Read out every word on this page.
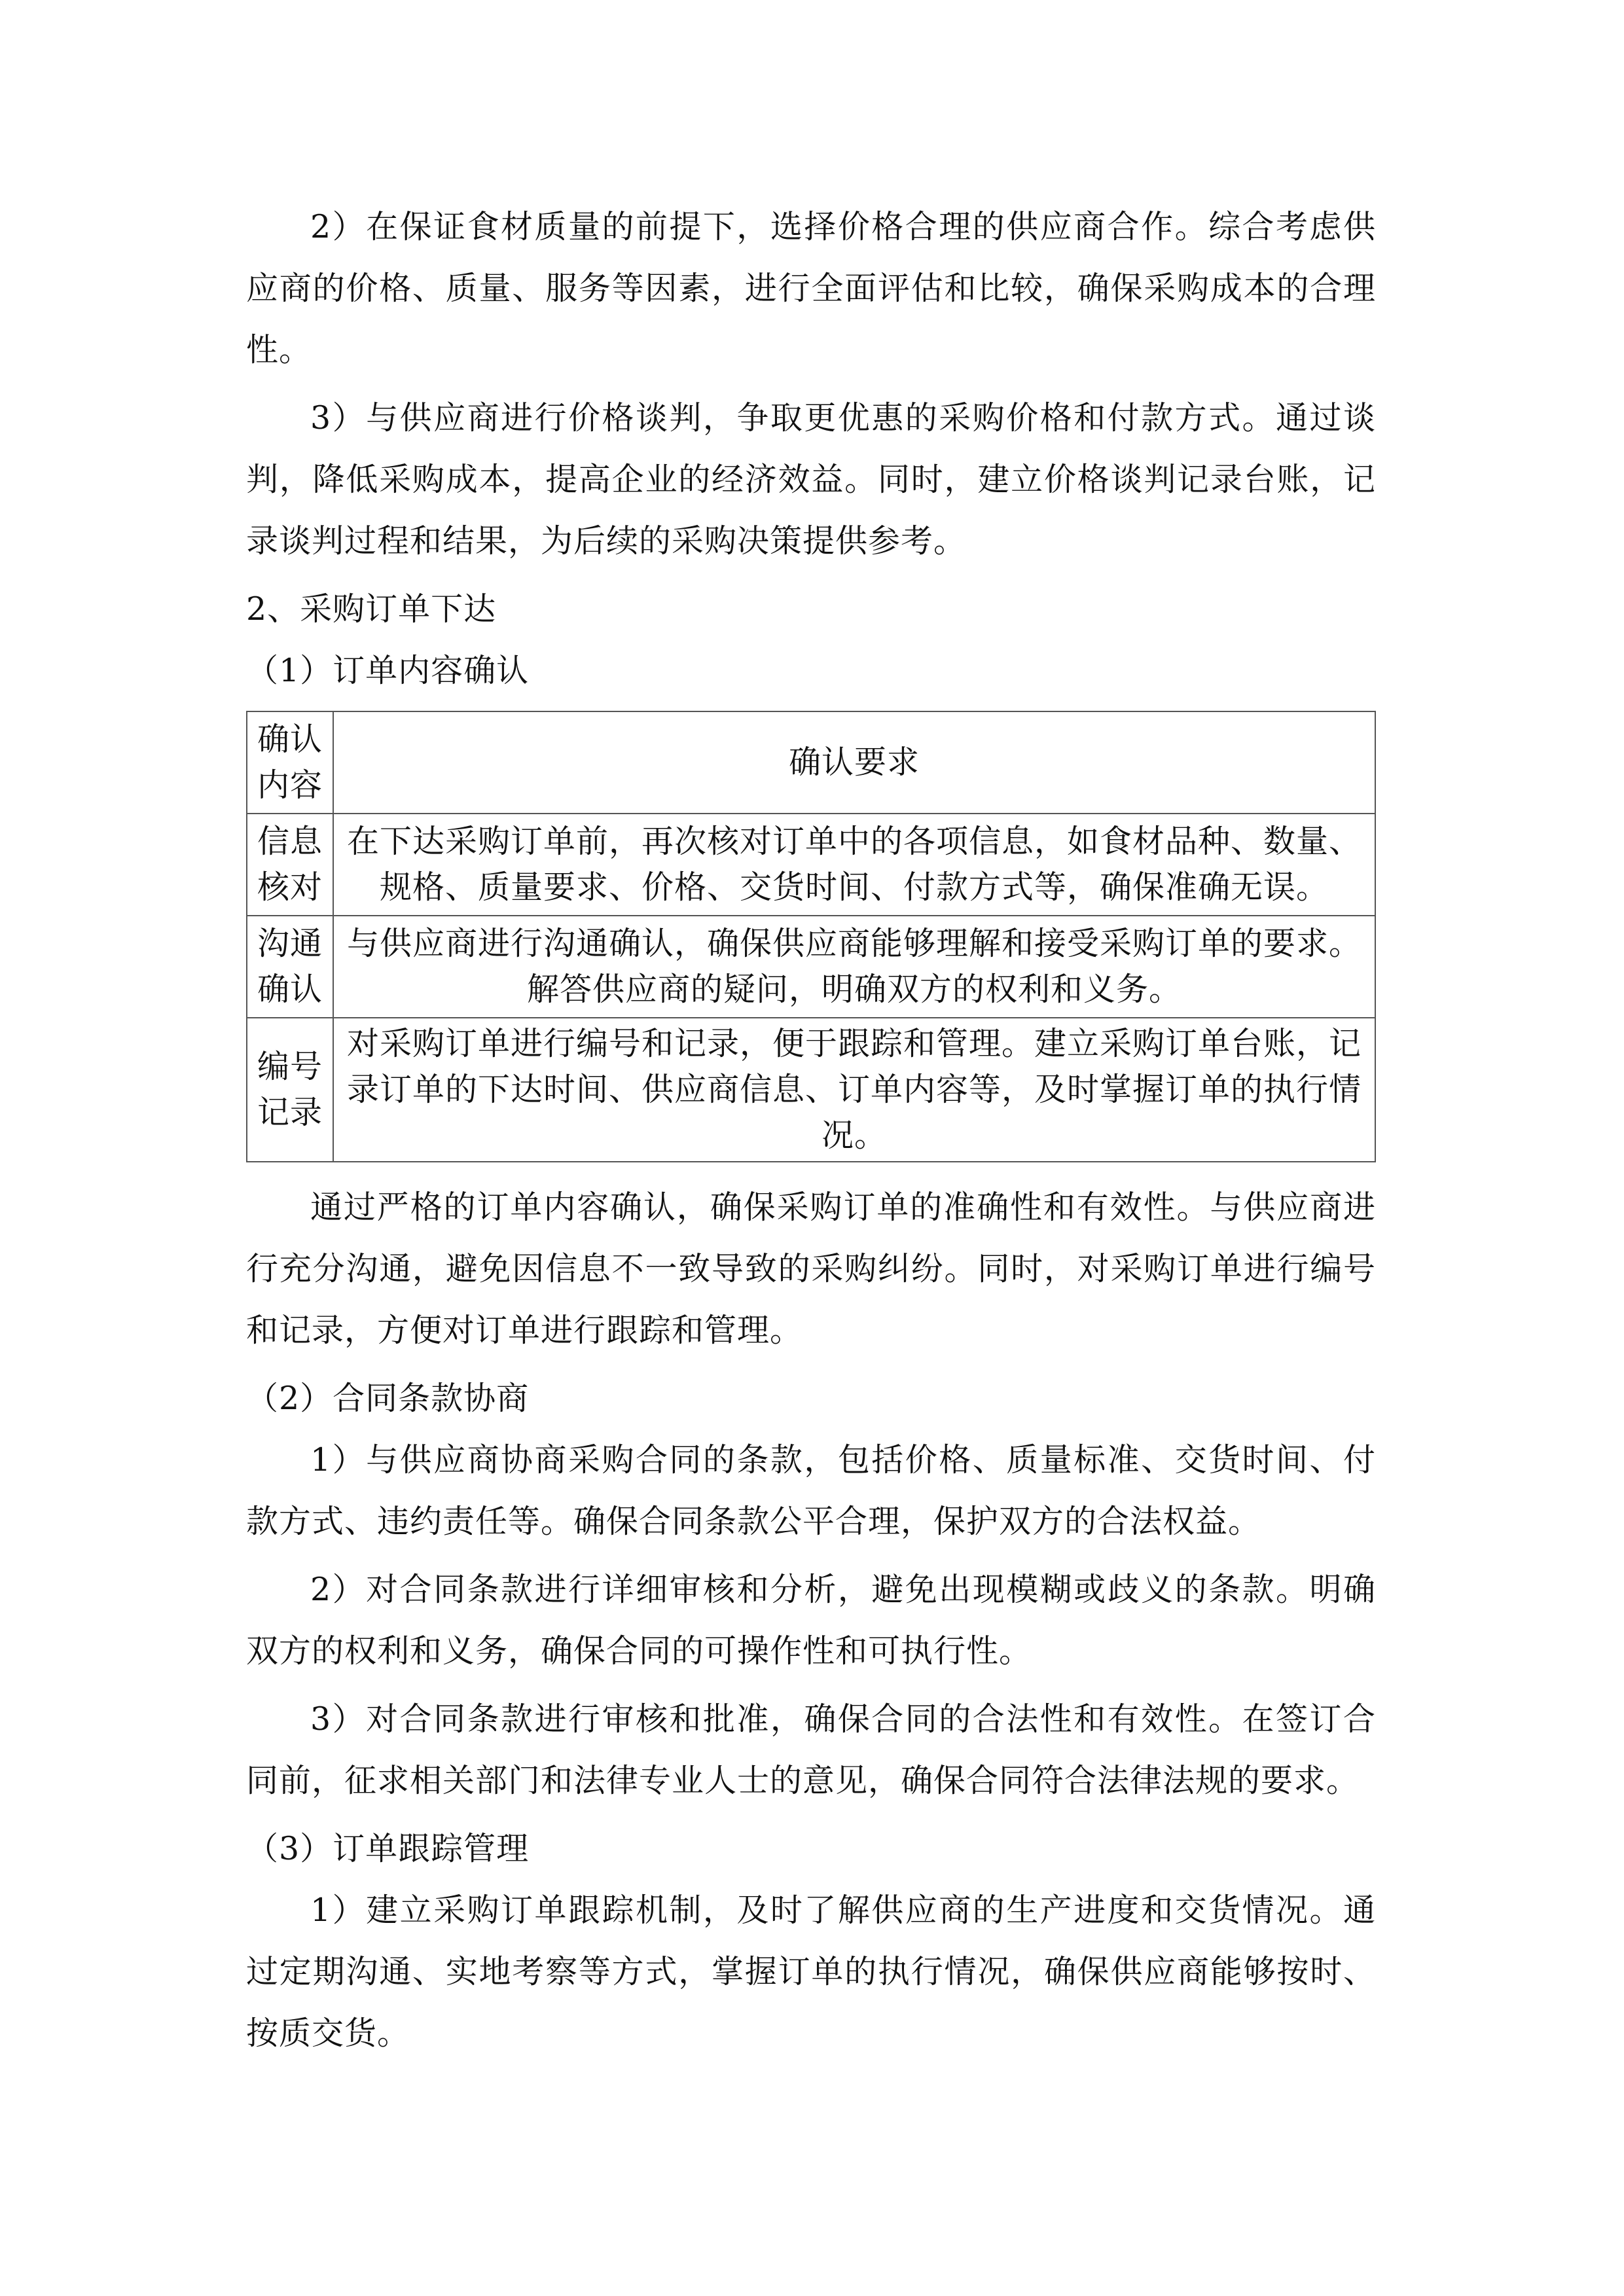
2）在保证食材质量的前提下，选择价格合理的供应商合作。综合考虑供应商的价格、质量、服务等因素，进行全面评估和比较，确保采购成本的合理性。

3）与供应商进行价格谈判，争取更优惠的采购价格和付款方式。通过谈判，降低采购成本，提高企业的经济效益。同时，建立价格谈判记录台账，记录谈判过程和结果，为后续的采购决策提供参考。

2、采购订单下达

（1）订单内容确认

确认内容	确认要求
信息核对	在下达采购订单前，再次核对订单中的各项信息，如食材品种、数量、规格、质量要求、价格、交货时间、付款方式等，确保准确无误。
沟通确认	与供应商进行沟通确认，确保供应商能够理解和接受采购订单的要求。解答供应商的疑问，明确双方的权利和义务。
编号记录	对采购订单进行编号和记录，便于跟踪和管理。建立采购订单台账，记录订单的下达时间、供应商信息、订单内容等，及时掌握订单的执行情况。

通过严格的订单内容确认，确保采购订单的准确性和有效性。与供应商进行充分沟通，避免因信息不一致导致的采购纠纷。同时，对采购订单进行编号和记录，方便对订单进行跟踪和管理。

（2）合同条款协商

1）与供应商协商采购合同的条款，包括价格、质量标准、交货时间、付款方式、违约责任等。确保合同条款公平合理，保护双方的合法权益。

2）对合同条款进行详细审核和分析，避免出现模糊或歧义的条款。明确双方的权利和义务，确保合同的可操作性和可执行性。

3）对合同条款进行审核和批准，确保合同的合法性和有效性。在签订合同前，征求相关部门和法律专业人士的意见，确保合同符合法律法规的要求。

（3）订单跟踪管理

1）建立采购订单跟踪机制，及时了解供应商的生产进度和交货情况。通过定期沟通、实地考察等方式，掌握订单的执行情况，确保供应商能够按时、按质交货。
